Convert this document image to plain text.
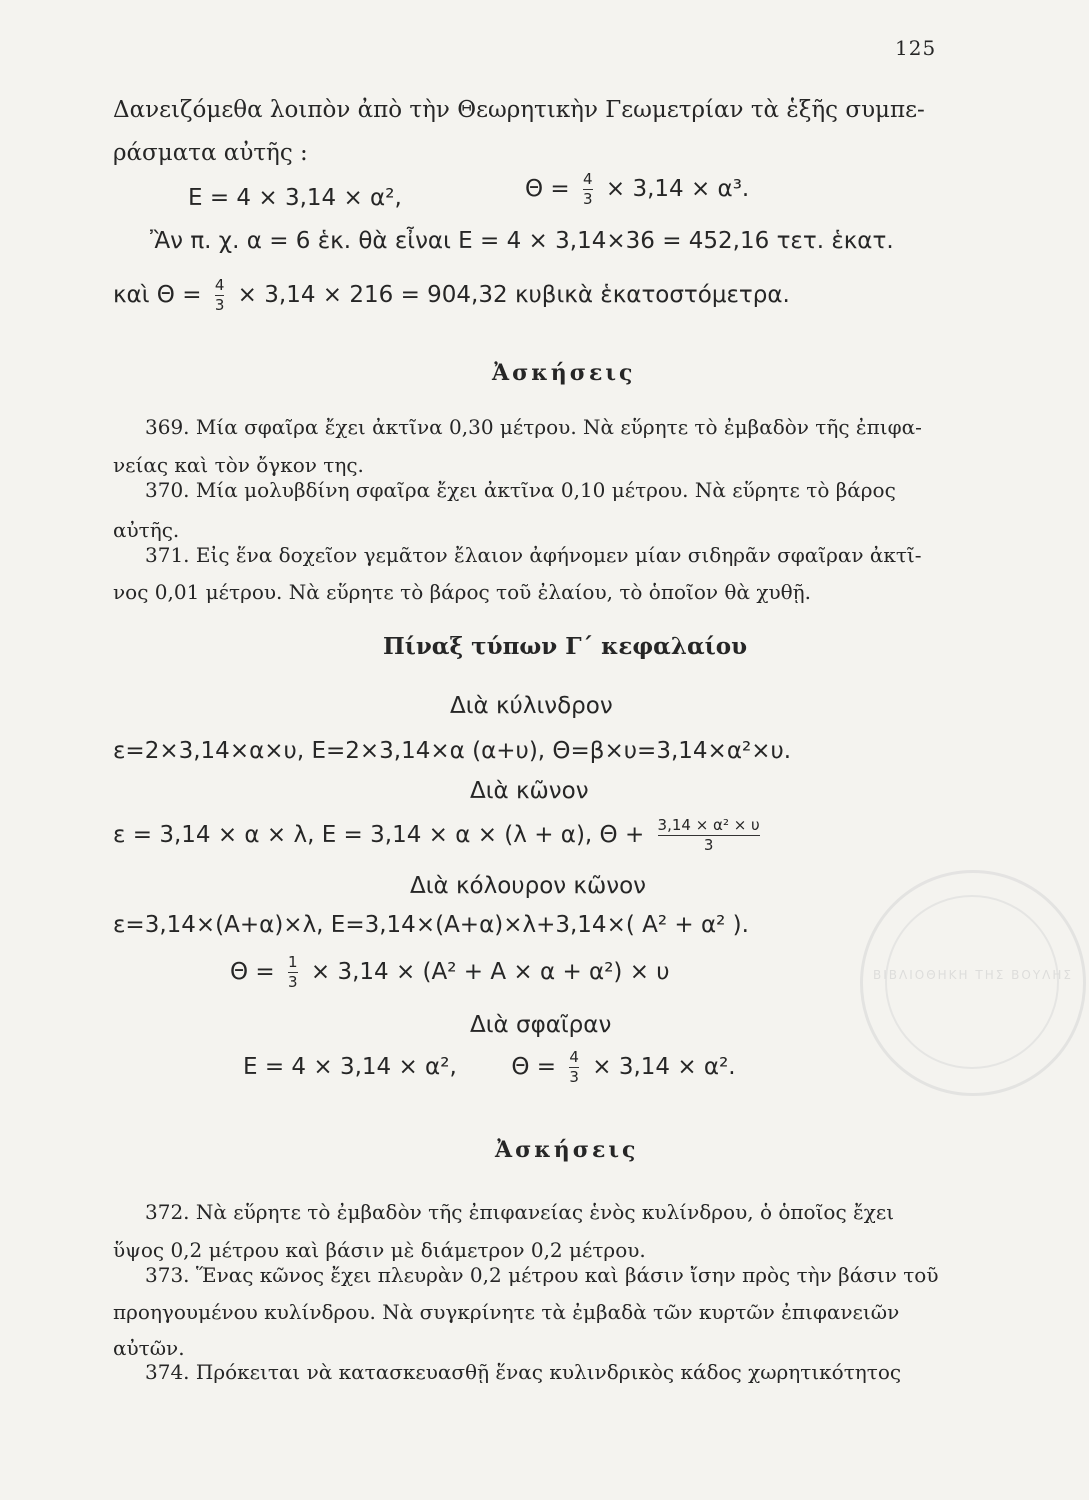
125
Δανειζόμεθα λοιπὸν ἀπὸ τὴν Θεωρητικὴν Γεωμετρίαν τὰ ἑξῆς συμπε-
ράσματα αὐτῆς :
Ε = 4 × 3,14 × α²,	$\Theta = \frac{4}{3} \times 3,14 \times \alpha^3$.
Ἂν π. χ. α = 6 ἑκ. θὰ εἶναι Ε = 4 × 3,14×36 = 452,16 τετ. ἑκατ.
καὶ $\Theta = \frac{4}{3} \times 3,14 \times 216 = 904,32$ κυβικὰ ἑκατοστόμετρα.
Ἀσκήσεις
369. Μία σφαῖρα ἔχει ἀκτῖνα 0,30 μέτρου. Νὰ εὕρητε τὸ ἐμβαδὸν τῆς ἐπιφα-
νείας καὶ τὸν ὄγκον της.
370. Μία μολυβδίνη σφαῖρα ἔχει ἀκτῖνα 0,10 μέτρου. Νὰ εὕρητε τὸ βάρος
αὐτῆς.
371. Εἰς ἕνα δοχεῖον γεμᾶτον ἔλαιον ἀφήνομεν μίαν σιδηρᾶν σφαῖραν ἀκτῖ-
νος 0,01 μέτρου. Νὰ εὕρητε τὸ βάρος τοῦ ἐλαίου, τὸ ὁποῖον θὰ χυθῇ.
Πίναξ τύπων Γ´ κεφαλαίου
Διὰ κύλινδρον
ε=2×3,14×α×υ, Ε=2×3,14×α (α+υ), Θ=β×υ=3,14×α²×υ.
Διὰ κῶνον
ε = 3,14 × α × λ, Ε = 3,14 × α × (λ + α), $\Theta + \frac{\text{3,14 × α² × υ}}{3}$
Διὰ κόλουρον κῶνον
ε=3,14×(Α+α)×λ, Ε=3,14×(Α+α)×λ+3,14×( Α² + α² ).
$\Theta = \frac{1}{3} \times 3,14 \times (A^2 + A \times \alpha + \alpha^2) \times \upsilon$
Διὰ σφαῖραν
Ε = 4 × 3,14 × α², $\Theta = \frac{4}{3} \times 3,14 \times \alpha^2$.
Ἀσκήσεις
372. Νὰ εὕρητε τὸ ἐμβαδὸν τῆς ἐπιφανείας ἑνὸς κυλίνδρου, ὁ ὁποῖος ἔχει
ὕψος 0,2 μέτρου καὶ βάσιν μὲ διάμετρον 0,2 μέτρου.
373. Ἕνας κῶνος ἔχει πλευρὰν 0,2 μέτρου καὶ βάσιν ἴσην πρὸς τὴν βάσιν τοῦ
προηγουμένου κυλίνδρου. Νὰ συγκρίνητε τὰ ἐμβαδὰ τῶν κυρτῶν ἐπιφανειῶν
αὐτῶν.
374. Πρόκειται νὰ κατασκευασθῇ ἕνας κυλινδρικὸς κάδος χωρητικότητος
ΒΙΒΛΙΟΘΗΚΗ ΤΗΣ ΒΟΥΛΗΣ
